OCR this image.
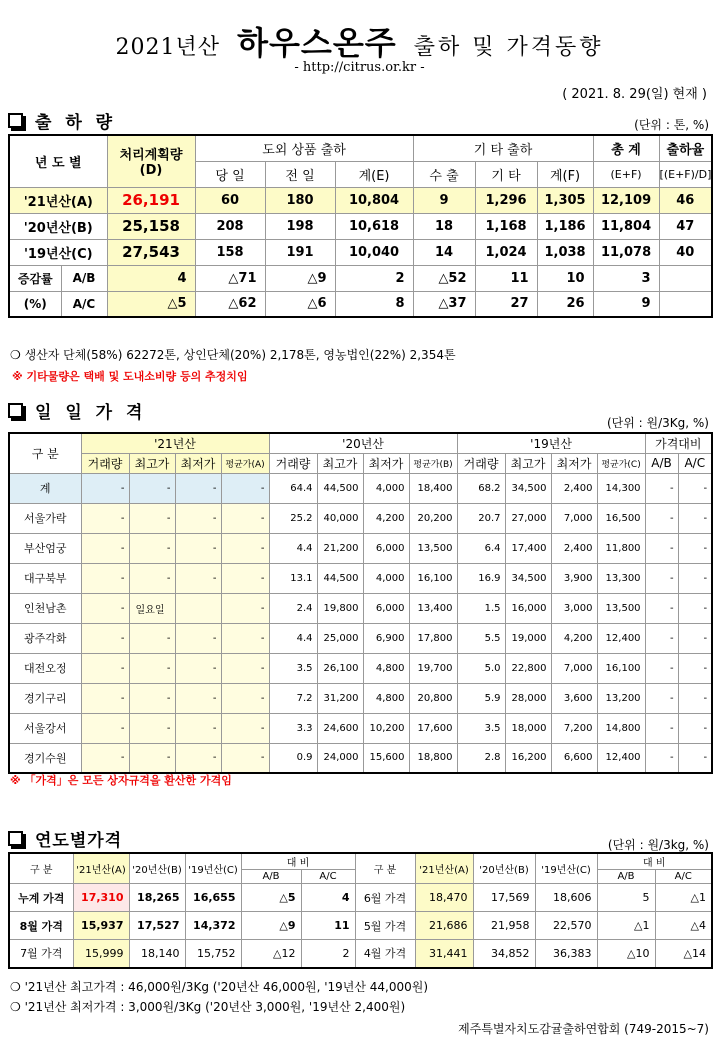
2021년산 하우스온주 출하 및 가격동향
- http://citrus.or.kr -
( 2021. 8. 29(일) 현재 )
출 하 량	(단위 : 톤, %)
년 도 별		처리계획량
(D)	도외 상품 출하			기 타 출하			총 계	출하율
			당 일	전 일	계(E)	수 출	기 타	계(F)	(E+F)	[(E+F)/D]
'21년산(A)		26,191	60	180	10,804	9	1,296	1,305	12,109	46
'20년산(B)		25,158	208	198	10,618	18	1,168	1,186	11,804	47
'19년산(C)		27,543	158	191	10,040	14	1,024	1,038	11,078	40
증감률	A/B	4	△71	△9	2	△52	11	10	3	
(%)	A/C	△5	△62	△6	8	△37	27	26	9	
❍ 생산자 단체(58%) 62272톤, 상인단체(20%) 2,178톤, 영농법인(22%) 2,354톤
※ 기타물량은 택배 및 도내소비량 등의 추정치임
일 일 가 격	(단위 : 원/3Kg, %)
구 분	'21년산				'20년산				'19년산				가격대비	
	거래량	최고가	최저가	평균가(A)	거래량	최고가	최저가	평균가(B)	거래량	최고가	최저가	평균가(C)	A/B	A/C
계	-	-	-	-	64.4	44,500	4,000	18,400	68.2	34,500	2,400	14,300	-	-
서울가락	-	-	-	-	25.2	40,000	4,200	20,200	20.7	27,000	7,000	16,500	-	-
부산엄궁	-	-	-	-	4.4	21,200	6,000	13,500	6.4	17,400	2,400	11,800	-	-
대구북부	-	-	-	-	13.1	44,500	4,000	16,100	16.9	34,500	3,900	13,300	-	-
인천남촌	-	일요일		-	2.4	19,800	6,000	13,400	1.5	16,000	3,000	13,500	-	-
광주각화	-	-	-	-	4.4	25,000	6,900	17,800	5.5	19,000	4,200	12,400	-	-
대전오정	-	-	-	-	3.5	26,100	4,800	19,700	5.0	22,800	7,000	16,100	-	-
경기구리	-	-	-	-	7.2	31,200	4,800	20,800	5.9	28,000	3,600	13,200	-	-
서울강서	-	-	-	-	3.3	24,600	10,200	17,600	3.5	18,000	7,200	14,800	-	-
경기수원	-	-	-	-	0.9	24,000	15,600	18,800	2.8	16,200	6,600	12,400	-	-
※ 「가격」은 모든 상자규격을 환산한 가격임
연도별가격	(단위 : 원/3kg, %)
구 분	'21년산(A)	'20년산(B)	'19년산(C)	대 비		구 분	'21년산(A)	'20년산(B)	'19년산(C)	대 비	
				A/B	A/C					A/B	A/C
누계 가격	17,310	18,265	16,655	△5	4	6월 가격	18,470	17,569	18,606	5	△1
8월 가격	15,937	17,527	14,372	△9	11	5월 가격	21,686	21,958	22,570	△1	△4
7월 가격	15,999	18,140	15,752	△12	2	4월 가격	31,441	34,852	36,383	△10	△14
❍ '21년산 최고가격 : 46,000원/3Kg ('20년산 46,000원, '19년산 44,000원)
❍ '21년산 최저가격 : 3,000원/3Kg ('20년산 3,000원, '19년산 2,400원)
제주특별자치도감귤출하연합회 (749-2015~7)
